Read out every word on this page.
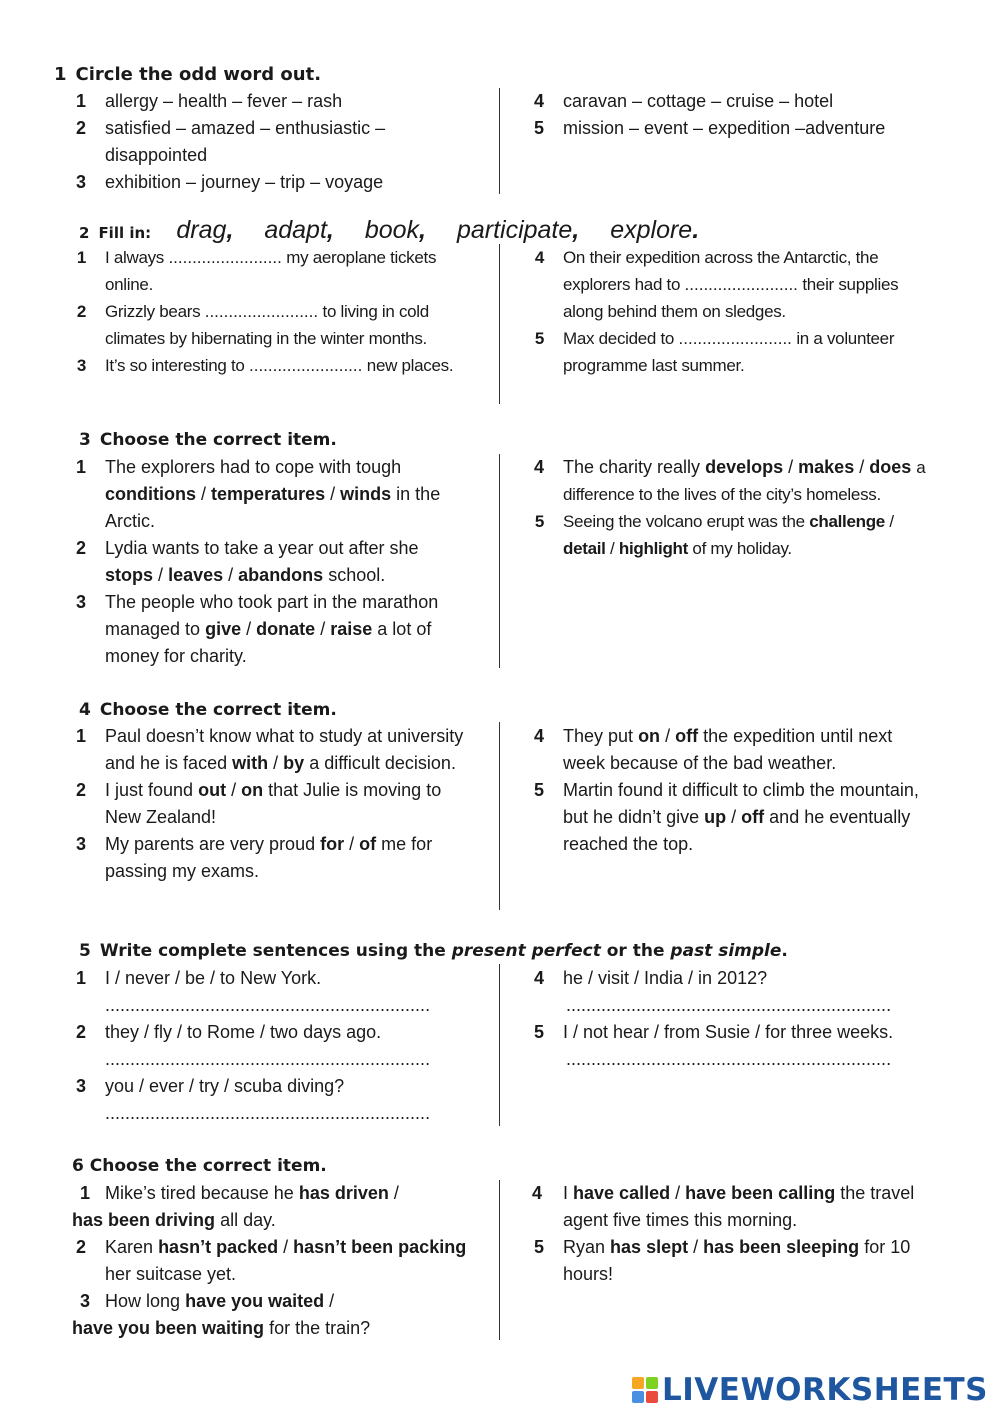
1 Circle the odd word out.
1	allergy – health – fever – rash
2	satisfied – amazed – enthusiastic – disappointed
3	exhibition – journey – trip – voyage
4	caravan – cottage – cruise – hotel
5	mission – event – expedition –adventure
2 Fill in: drag, adapt, book, participate, explore.
1	I always ........................ my aeroplane tickets online.
2	Grizzly bears ........................ to living in cold climates by hibernating in the winter months.
3	It’s so interesting to ........................ new places.
4	On their expedition across the Antarctic, the explorers had to ........................ their supplies along behind them on sledges.
5	Max decided to ........................ in a volunteer programme last summer.
3 Choose the correct item.
1	The explorers had to cope with tough conditions / temperatures / winds in the Arctic.
2	Lydia wants to take a year out after she stops / leaves / abandons school.
3	The people who took part in the marathon managed to give / donate / raise a lot of money for charity.
4	The charity really develops / makes / does a difference to the lives of the city’s homeless.
5	Seeing the volcano erupt was the challenge / detail / highlight of my holiday.
4 Choose the correct item.
1	Paul doesn’t know what to study at university and he is faced with / by a difficult decision.
2	I just found out / on that Julie is moving to New Zealand!
3	My parents are very proud for / of me for passing my exams.
4	They put on / off the expedition until next week because of the bad weather.
5	Martin found it difficult to climb the mountain, but he didn’t give up / off and he eventually reached the top.
5 Write complete sentences using the present perfect or the past simple.
1	I / never / be / to New York.
.................................................................
2	they / fly / to Rome / two days ago.
.................................................................
3	you / ever / try / scuba diving?
.................................................................
4	he / visit / India / in 2012?
.................................................................
5	I / not hear / from Susie / for three weeks.
.................................................................
6 Choose the correct item.
1 Mike’s tired because he has driven /
has been driving all day.
2	Karen hasn’t packed / hasn’t been packing her suitcase yet.
3 How long have you waited /
have you been waiting for the train?
4	I have called / have been calling the travel agent five times this morning.
5	Ryan has slept / has been sleeping for 10 hours!
LIVEWORKSHEETS
